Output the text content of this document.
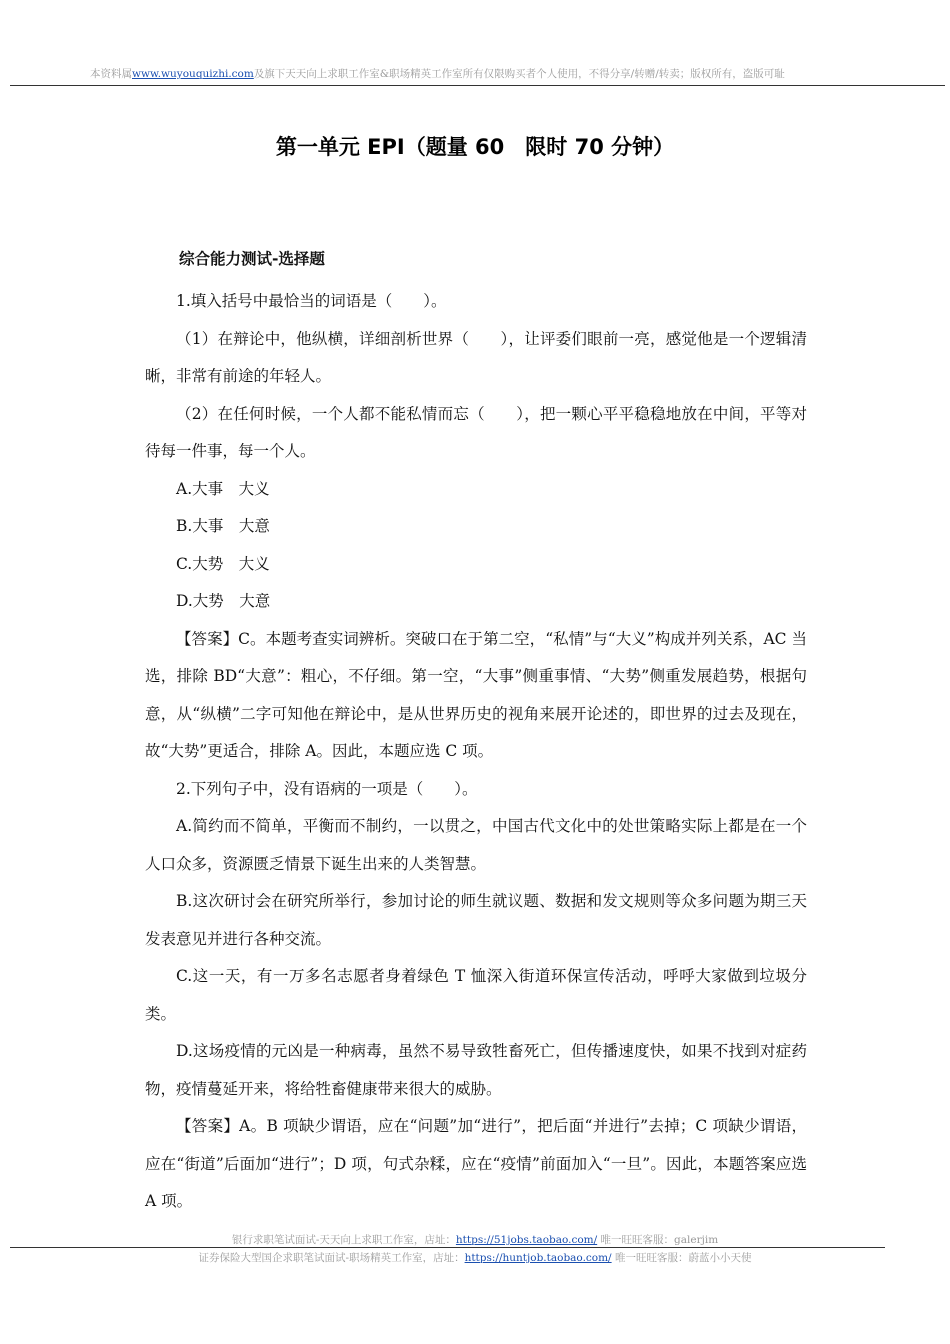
本资料属www.wuyouquizhi.com及旗下天天向上求职工作室&职场精英工作室所有仅限购买者个人使用，不得分享/转赠/转卖；版权所有，盗版可耻
第一单元 EPI（题量 60　限时 70 分钟）
综合能力测试-选择题

1.填入括号中最恰当的词语是（　　）。

（1）在辩论中，他纵横，详细剖析世界（　　），让评委们眼前一亮，感觉他是一个逻辑清晰，非常有前途的年轻人。

（2）在任何时候，一个人都不能私情而忘（　　），把一颗心平平稳稳地放在中间，平等对待每一件事，每一个人。

A.大事　大义

B.大事　大意

C.大势　大义

D.大势　大意

【答案】C。本题考查实词辨析。突破口在于第二空，“私情”与“大义”构成并列关系，AC 当选，排除 BD“大意”：粗心，不仔细。第一空，“大事”侧重事情、“大势”侧重发展趋势，根据句意，从“纵横”二字可知他在辩论中，是从世界历史的视角来展开论述的，即世界的过去及现在，故“大势”更适合，排除 A。因此，本题应选 C 项。

2.下列句子中，没有语病的一项是（　　）。

A.简约而不简单，平衡而不制约，一以贯之，中国古代文化中的处世策略实际上都是在一个人口众多，资源匮乏情景下诞生出来的人类智慧。

B.这次研讨会在研究所举行，参加讨论的师生就议题、数据和发文规则等众多问题为期三天发表意见并进行各种交流。

C.这一天，有一万多名志愿者身着绿色 T 恤深入街道环保宣传活动，呼呼大家做到垃圾分类。

D.这场疫情的元凶是一种病毒，虽然不易导致牲畜死亡，但传播速度快，如果不找到对症药物，疫情蔓延开来，将给牲畜健康带来很大的威胁。

【答案】A。B 项缺少谓语，应在“问题”加“进行”，把后面“并进行”去掉；C 项缺少谓语，应在“街道”后面加“进行”；D 项，句式杂糅，应在“疫情”前面加入“一旦”。因此，本题答案应选 A 项。

银行求职笔试面试-天天向上求职工作室，店址：https://51jobs.taobao.com/ 唯一旺旺客服：galerjim
证券保险大型国企求职笔试面试-职场精英工作室，店址：https://huntjob.taobao.com/ 唯一旺旺客服：蔚蓝小小天使
